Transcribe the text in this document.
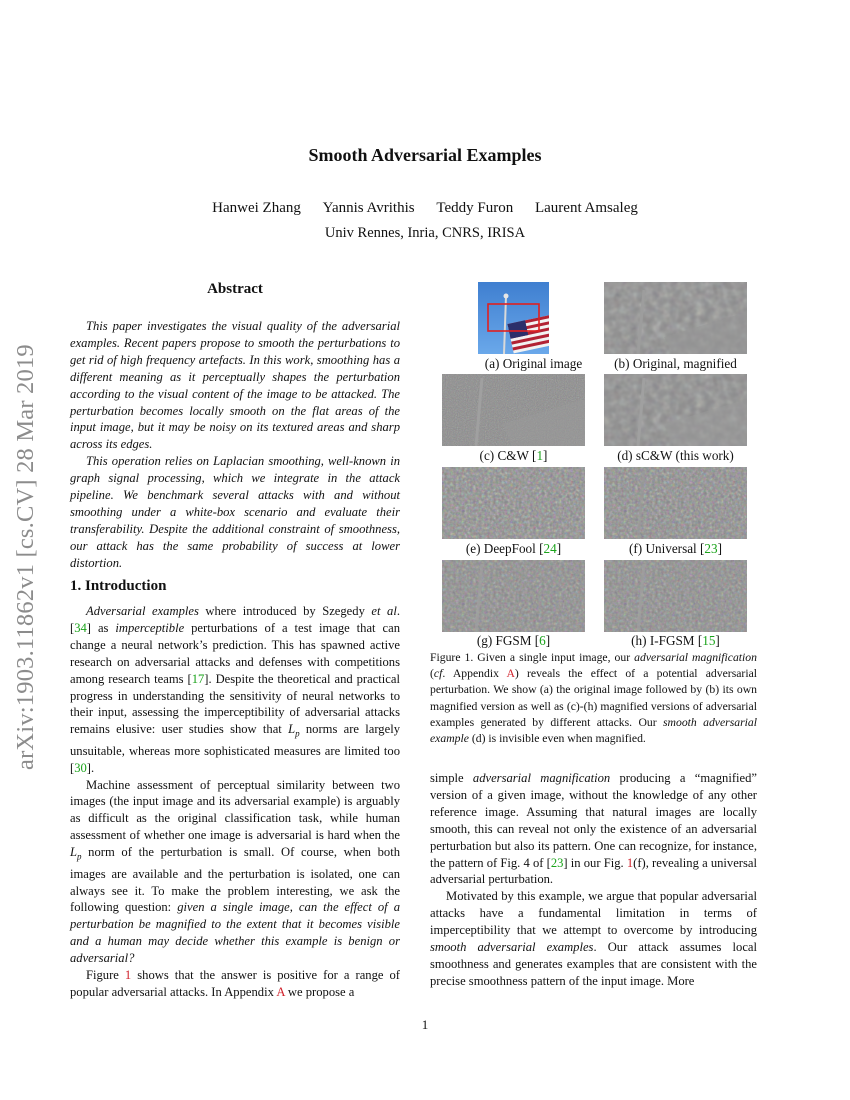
Smooth Adversarial Examples
Hanwei Zhang Yannis Avrithis Teddy Furon Laurent Amsaleg
Univ Rennes, Inria, CNRS, IRISA
arXiv:1903.11862v1 [cs.CV] 28 Mar 2019
Abstract

This paper investigates the visual quality of the adversarial examples. Recent papers propose to smooth the perturbations to get rid of high frequency artefacts. In this work, smoothing has a different meaning as it perceptually shapes the perturbation according to the visual content of the image to be attacked. The perturbation becomes locally smooth on the flat areas of the input image, but it may be noisy on its textured areas and sharp across its edges.

This operation relies on Laplacian smoothing, well-known in graph signal processing, which we integrate in the attack pipeline. We benchmark several attacks with and without smoothing under a white-box scenario and evaluate their transferability. Despite the additional constraint of smoothness, our attack has the same probability of success at lower distortion.

1. Introduction

Adversarial examples where introduced by Szegedy et al. [34] as imperceptible perturbations of a test image that can change a neural network’s prediction. This has spawned active research on adversarial attacks and defenses with competitions among research teams [17]. Despite the theoretical and practical progress in understanding the sensitivity of neural networks to their input, assessing the imperceptibility of adversarial attacks remains elusive: user studies show that $L_p$ norms are largely unsuitable, whereas more sophisticated measures are limited too [30].

Machine assessment of perceptual similarity between two images (the input image and its adversarial example) is arguably as difficult as the original classification task, while human assessment of whether one image is adversarial is hard when the $L_p$ norm of the perturbation is small. Of course, when both images are available and the perturbation is isolated, one can always see it. To make the problem interesting, we ask the following question: given a single image, can the effect of a perturbation be magnified to the extent that it becomes visible and a human may decide whether this example is benign or adversarial?

Figure 1 shows that the answer is positive for a range of popular adversarial attacks. In Appendix A we propose a

(a) Original image	(b) Original, magnified
(c) C&W [1]	(d) sC&W (this work)
(e) DeepFool [24]	(f) Universal [23]
(g) FGSM [6]	(h) I-FGSM [15]
Figure 1. Given a single input image, our adversarial magnification (cf. Appendix A) reveals the effect of a potential adversarial perturbation. We show (a) the original image followed by (b) its own magnified version as well as (c)-(h) magnified versions of adversarial examples generated by different attacks. Our smooth adversarial example (d) is invisible even when magnified.

simple adversarial magnification producing a “magnified” version of a given image, without the knowledge of any other reference image. Assuming that natural images are locally smooth, this can reveal not only the existence of an adversarial perturbation but also its pattern. One can recognize, for instance, the pattern of Fig. 4 of [23] in our Fig. 1(f), revealing a universal adversarial perturbation.

Motivated by this example, we argue that popular adversarial attacks have a fundamental limitation in terms of imperceptibility that we attempt to overcome by introducing smooth adversarial examples. Our attack assumes local smoothness and generates examples that are consistent with the precise smoothness pattern of the input image. More

1
